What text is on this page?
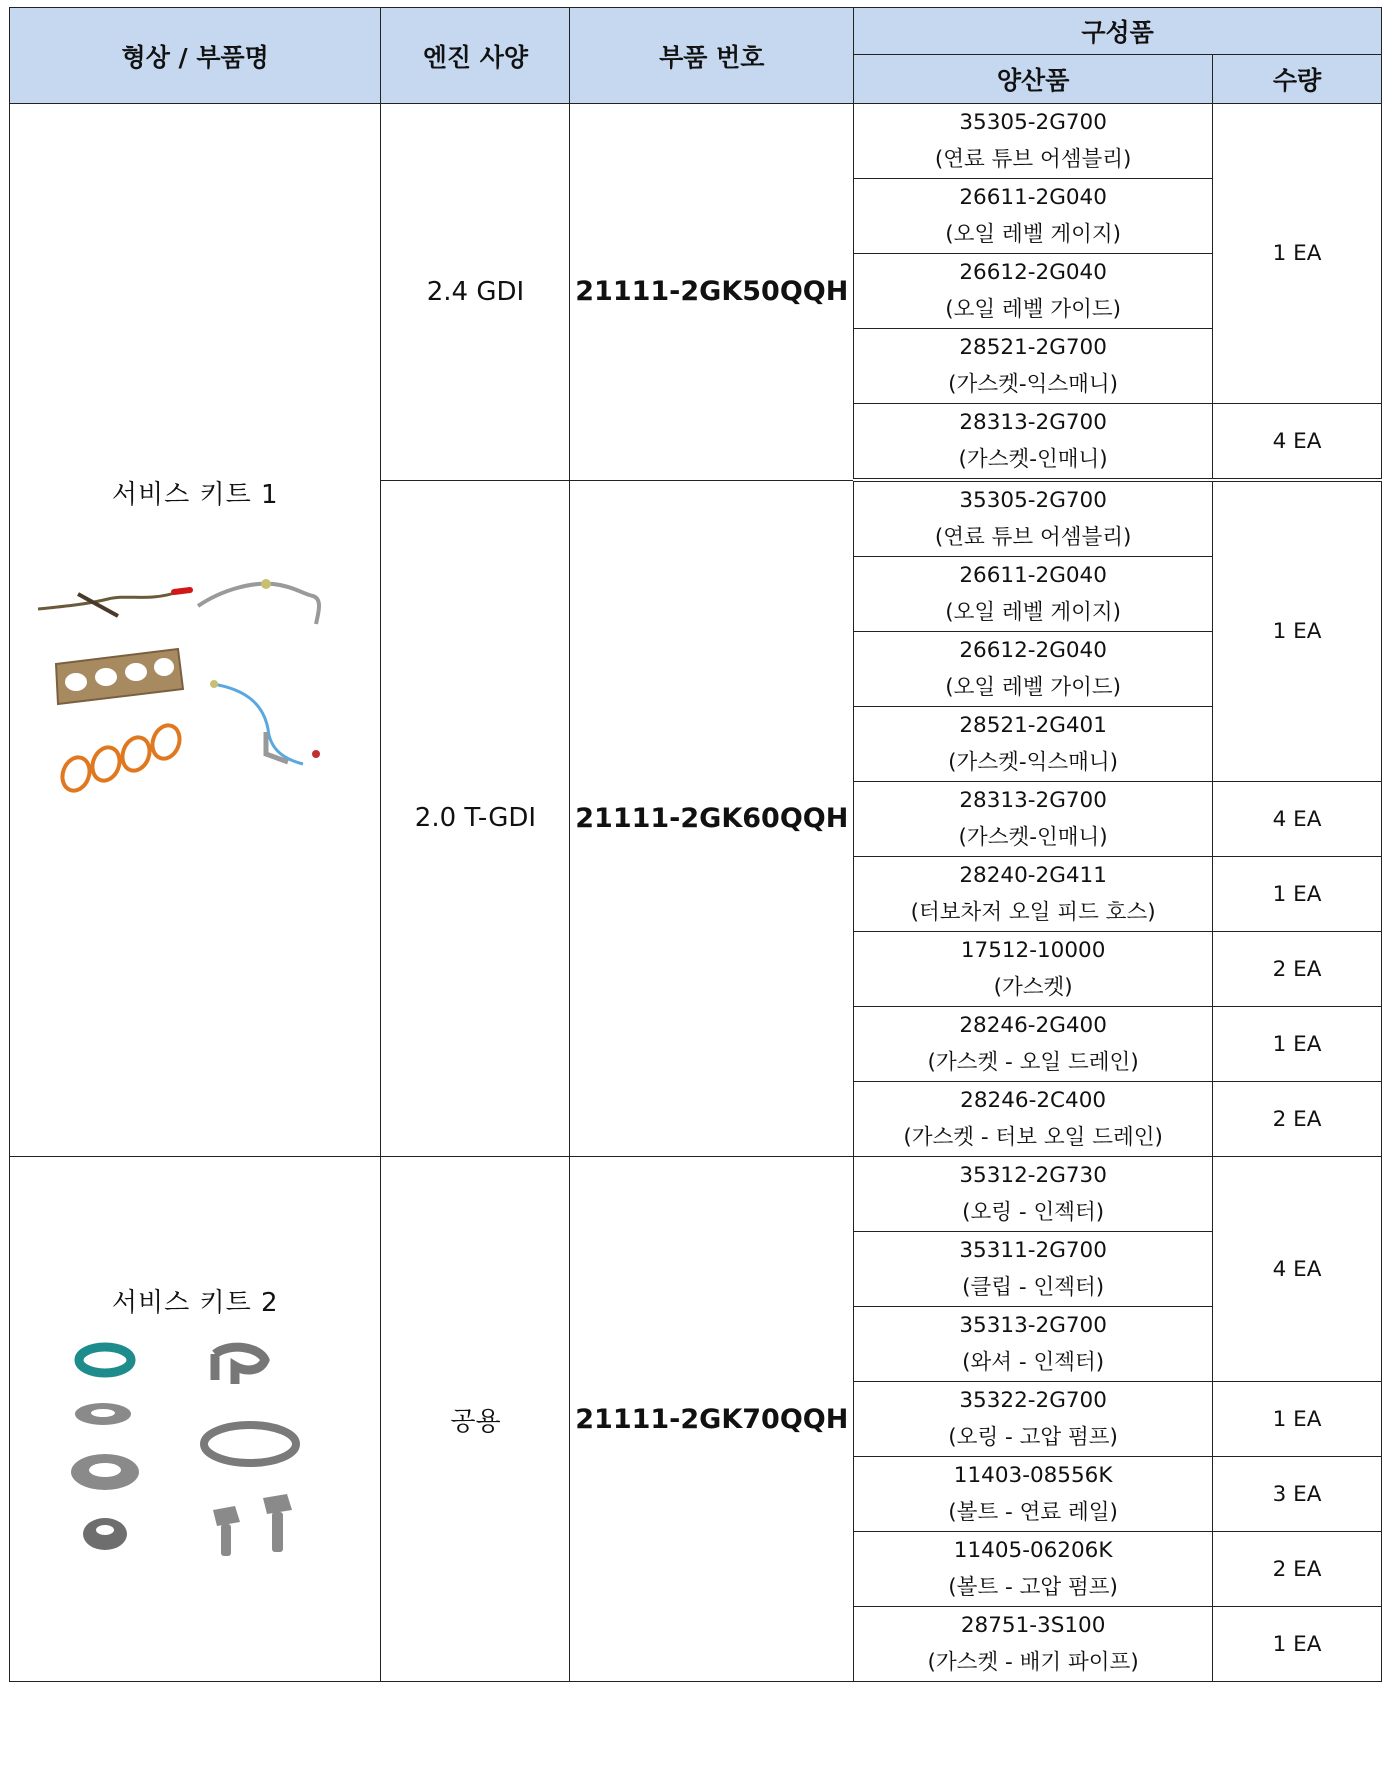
형상 / 부품명	엔진 사양	부품 번호	구성품	
			양산품	수량

서비스 키트 1	2.4 GDI	21111-2GK50QQH	35305-2G700
(연료 튜브 어셈블리)	1 EA
			26611-2G040
(오일 레벨 게이지)	
			26612-2G040
(오일 레벨 가이드)	
			28521-2G700
(가스켓-익스매니)	
			28313-2G700
(가스켓-인매니)	4 EA
	2.0 T-GDI	21111-2GK60QQH	35305-2G700
(연료 튜브 어셈블리)	1 EA
			26611-2G040
(오일 레벨 게이지)	
			26612-2G040
(오일 레벨 가이드)	
			28521-2G401
(가스켓-익스매니)	
			28313-2G700
(가스켓-인매니)	4 EA
			28240-2G411
(터보차저 오일 피드 호스)	1 EA
			17512-10000
(가스켓)	2 EA
			28246-2G400
(가스켓 - 오일 드레인)	1 EA
			28246-2C400
(가스켓 - 터보 오일 드레인)	2 EA

서비스 키트 2	공용	21111-2GK70QQH	35312-2G730
(오링 - 인젝터)	4 EA
			35311-2G700
(클립 - 인젝터)	
			35313-2G700
(와셔 - 인젝터)	
			35322-2G700
(오링 - 고압 펌프)	1 EA
			11403-08556K
(볼트 - 연료 레일)	3 EA
			11405-06206K
(볼트 - 고압 펌프)	2 EA
			28751-3S100
(가스켓 - 배기 파이프)	1 EA
